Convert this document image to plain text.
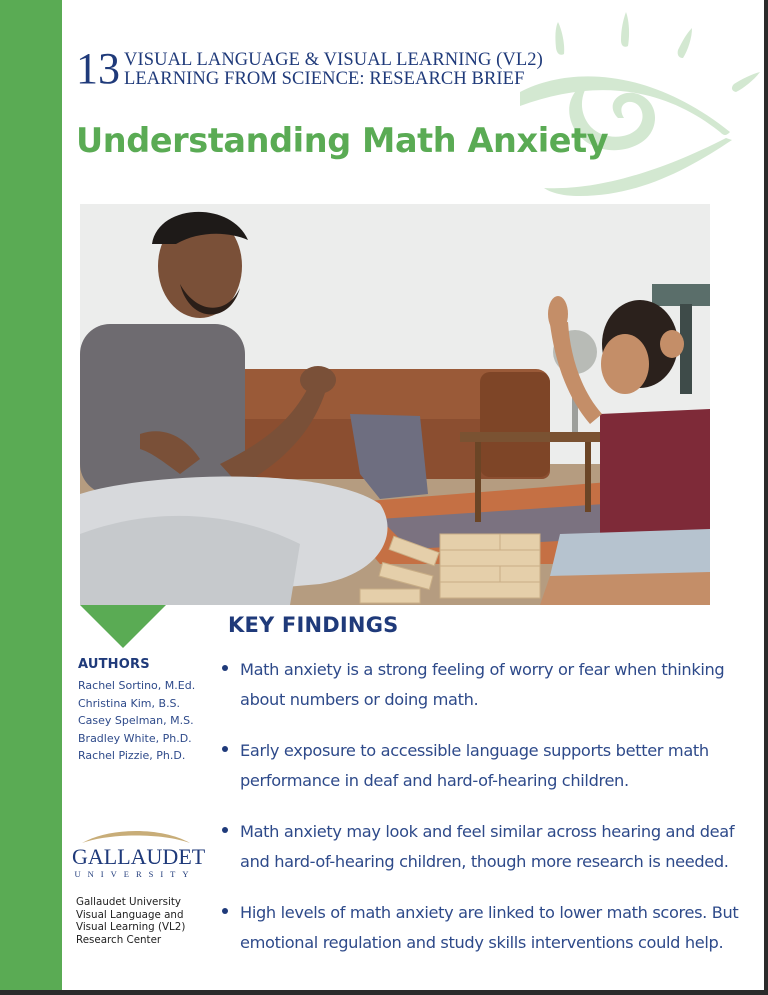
13 VISUAL LANGUAGE & VISUAL LEARNING (VL2)
LEARNING FROM SCIENCE: RESEARCH BRIEF
Understanding Math Anxiety
AUTHORS
Rachel Sortino, M.Ed.
Christina Kim, B.S.
Casey Spelman, M.S.
Bradley White, Ph.D.
Rachel Pizzie, Ph.D.
GALLAUDET
UNIVERSITY
Gallaudet University
Visual Language and
Visual Learning (VL2)
Research Center
KEY FINDINGS
Math anxiety is a strong feeling of worry or fear when thinking about numbers or doing math.
Early exposure to accessible language supports better math performance in deaf and hard-of-hearing children.
Math anxiety may look and feel similar across hearing and deaf and hard-of-hearing children, though more research is needed.
High levels of math anxiety are linked to lower math scores. But emotional regulation and study skills interventions could help.
